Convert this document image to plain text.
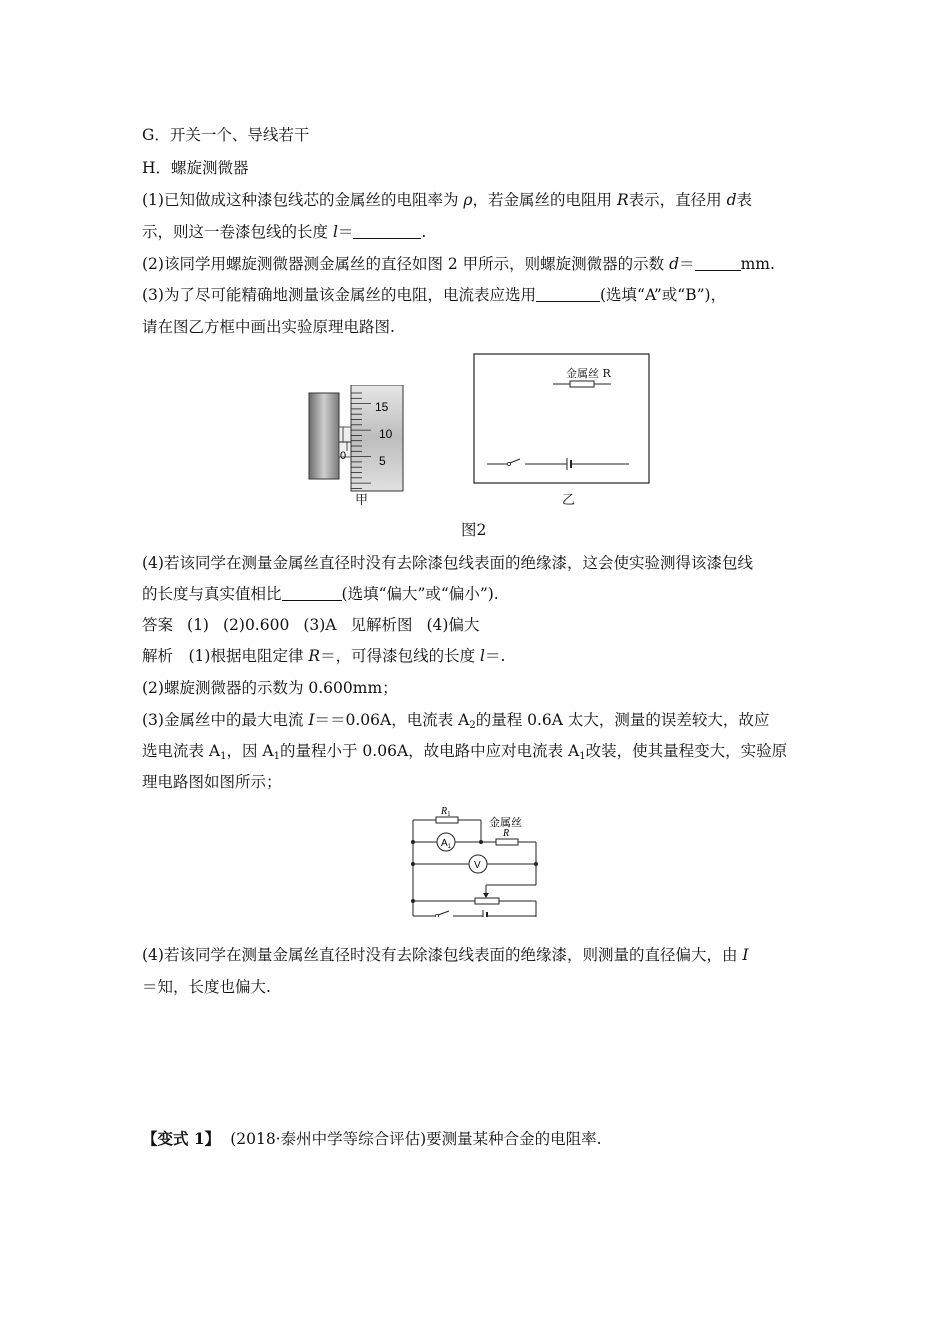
G．开关一个、导线若干
H．螺旋测微器
(1)已知做成这种漆包线芯的金属丝的电阻率为 ρ，若金属丝的电阻用 R表示，直径用 d表
示，则这一卷漆包线的长度 l＝	.
(2)该同学用螺旋测微器测金属丝的直径如图 2 甲所示，则螺旋测微器的示数 d＝	mm.
(3)为了尽可能精确地测量该金属丝的电阻，电流表应选用	(选填“A”或“B”)，
请在图乙方框中画出实验原理电路图.
15
10
5
0
甲
金属丝 R
乙
图2
(4)若该同学在测量金属丝直径时没有去除漆包线表面的绝缘漆，这会使实验测得该漆包线
的长度与真实值相比	(选填“偏大”或“偏小”).
答案 (1) (2)0.600 (3)A 见解析图 (4)偏大
解析　(1)根据电阻定律 R＝，可得漆包线的长度 l＝.
(2)螺旋测微器的示数为 0.600mm；
(3)金属丝中的最大电流 I＝＝0.06A，电流表 $A_2$的量程 0.6A 太大，测量的误差较大，故应
选电流表 $A_1$，因 $A_1$的量程小于 0.06A，故电路中应对电流表 $A_1$改装，使其量程变大，实验原
理电路图如图所示；
$R_1$
金属丝
R
$A_1$
V
(4)若该同学在测量金属丝直径时没有去除漆包线表面的绝缘漆，则测量的直径偏大，由 I
＝知，长度也偏大.
【变式 1】 (2018·泰州中学等综合评估)要测量某种合金的电阻率.
